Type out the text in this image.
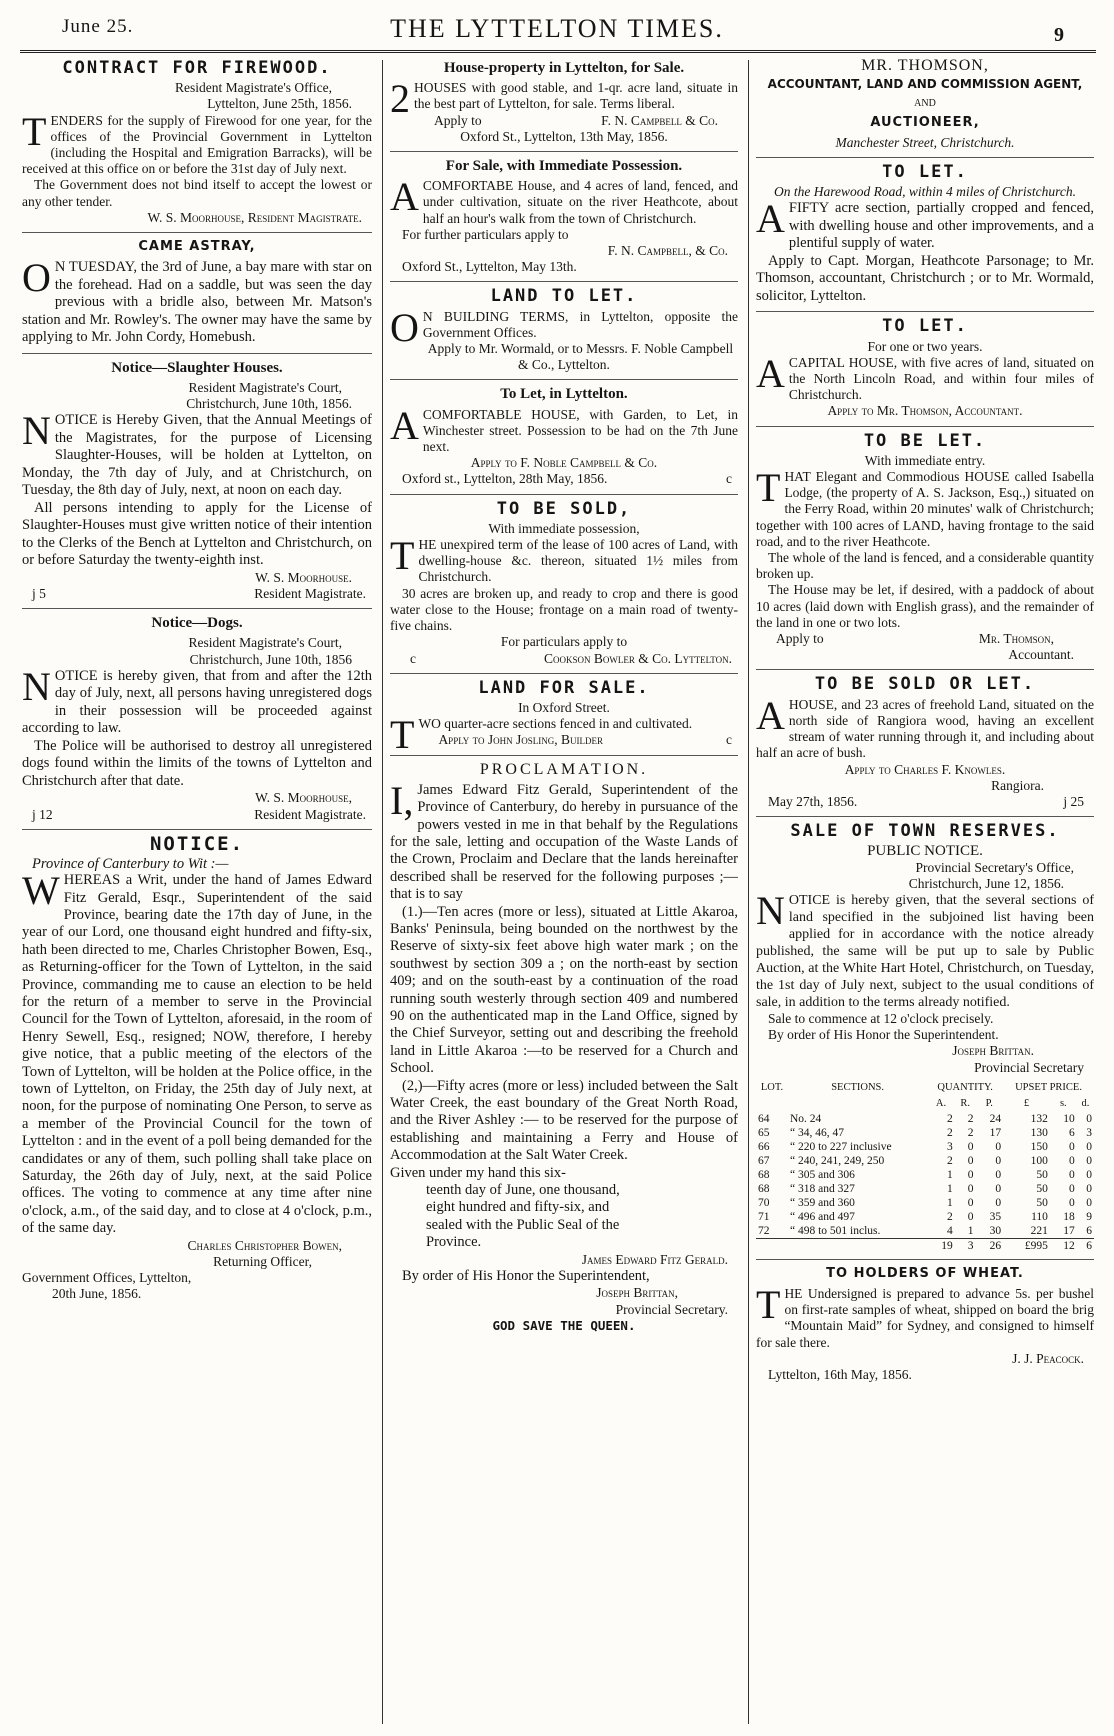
June 25.	THE LYTTELTON TIMES.	9
CONTRACT FOR FIREWOOD.
Resident Magistrate's Office,
Lyttelton, June 25th, 1856.

TENDERS for the supply of Firewood for one year, for the offices of the Provincial Government in Lyttelton (including the Hospital and Emigration Barracks), will be received at this office on or before the 31st day of July next.

The Government does not bind itself to accept the lowest or any other tender.

W. S. Moorhouse, Resident Magistrate.
CAME ASTRAY,

O N TUESDAY, the 3rd of June, a bay mare with star on the forehead. Had on a saddle, but was seen the day previous with a bridle also, between Mr. Matson's station and Mr. Rowley's. The owner may have the same by applying to Mr. John Cordy, Homebush.

Notice—Slaughter Houses.
Resident Magistrate's Court,
Christchurch, June 10th, 1856.

NOTICE is Hereby Given, that the Annual Meetings of the Magistrates, for the purpose of Licensing Slaughter-Houses, will be holden at Lyttelton, on Monday, the 7th day of July, and at Christchurch, on Tuesday, the 8th day of July, next, at noon on each day.

All persons intending to apply for the License of Slaughter-Houses must give written notice of their intention to the Clerks of the Bench at Lyttelton and Christchurch, on or before Saturday the twenty-eighth inst.

W. S. Moorhouse.
j 5	Resident Magistrate.
Notice—Dogs.
Resident Magistrate's Court,
Christchurch, June 10th, 1856

NOTICE is hereby given, that from and after the 12th day of July, next, all persons having unregistered dogs in their possession will be proceeded against according to law.

The Police will be authorised to destroy all unregistered dogs found within the limits of the towns of Lyttelton and Christchurch after that date.

W. S. Moorhouse,
j 12	Resident Magistrate.
NOTICE.
Province of Canterbury to Wit :—

WHEREAS a Writ, under the hand of James Edward Fitz Gerald, Esqr., Superintendent of the said Province, bearing date the 17th day of June, in the year of our Lord, one thousand eight hundred and fifty-six, hath been directed to me, Charles Christopher Bowen, Esq., as Returning-officer for the Town of Lyttelton, in the said Province, commanding me to cause an election to be held for the return of a member to serve in the Provincial Council for the Town of Lyttelton, aforesaid, in the room of Henry Sewell, Esq., resigned; NOW, therefore, I hereby give notice, that a public meeting of the electors of the Town of Lyttelton, will be holden at the Police office, in the town of Lyttelton, on Friday, the 25th day of July next, at noon, for the purpose of nominating One Person, to serve as a member of the Provincial Council for the town of Lyttelton : and in the event of a poll being demanded for the candidates or any of them, such polling shall take place on Saturday, the 26th day of July, next, at the said Police offices. The voting to commence at any time after nine o'clock, a.m., of the said day, and to close at 4 o'clock, p.m., of the same day.

Charles Christopher Bowen,
Returning Officer,
Government Offices, Lyttelton,
20th June, 1856.
House-property in Lyttelton, for Sale.

2 HOUSES with good stable, and 1-qr. acre land, situate in the best part of Lyttelton, for sale. Terms liberal.

Apply to	F. N. Campbell & Co.
Oxford St., Lyttelton, 13th May, 1856.
For Sale, with Immediate Possession.

ACOMFORTABE House, and 4 acres of land, fenced, and under cultivation, situate on the river Heathcote, about half an hour's walk from the town of Christchurch.

For further particulars apply to
F. N. Campbell, & Co.
Oxford St., Lyttelton, May 13th.
LAND TO LET.

O N BUILDING TERMS, in Lyttelton, opposite the Government Offices.

Apply to Mr. Wormald, or to Messrs. F. Noble Campbell & Co., Lyttelton.

To Let, in Lyttelton.

ACOMFORTABLE HOUSE, with Garden, to Let, in Winchester street. Possession to be had on the 7th June next.

Apply to F. Noble Campbell & Co.
Oxford st., Lyttelton, 28th May, 1856.	c
TO BE SOLD,
With immediate possession,

THE unexpired term of the lease of 100 acres of Land, with dwelling-house &c. thereon, situated 1½ miles from Christchurch.

30 acres are broken up, and ready to crop and there is good water close to the House; frontage on a main road of twenty-five chains.

For particulars apply to
c	Cookson Bowler & Co. Lyttelton.
LAND FOR SALE.
In Oxford Street.

TWO quarter-acre sections fenced in and cultivated.

Apply to John Josling, Builder	c
PROCLAMATION.

I, James Edward Fitz Gerald, Superintendent of the Province of Canterbury, do hereby in pursuance of the powers vested in me in that behalf by the Regulations for the sale, letting and occupation of the Waste Lands of the Crown, Proclaim and Declare that the lands hereinafter described shall be reserved for the following purposes ;—that is to say

(1.)—Ten acres (more or less), situated at Little Akaroa, Banks' Peninsula, being bounded on the northwest by the Reserve of sixty-six feet above high water mark ; on the southwest by section 309 a ; on the north-east by section 409; and on the south-east by a continuation of the road running south westerly through section 409 and numbered 90 on the authenticated map in the Land Office, signed by the Chief Surveyor, setting out and describing the freehold land in Little Akaroa :—to be reserved for a Church and School.

(2,)—Fifty acres (more or less) included between the Salt Water Creek, the east boundary of the Great North Road, and the River Ashley :— to be reserved for the purpose of establishing and maintaining a Ferry and House of Accommodation at the Salt Water Creek.

Given under my hand this six-
teenth day of June, one thousand, eight hundred and fifty-six, and sealed with the Public Seal of the Province.
James Edward Fitz Gerald.

By order of His Honor the Superintendent,

Joseph Brittan,
Provincial Secretary.
GOD SAVE THE QUEEN.
MR. THOMSON,
ACCOUNTANT, LAND AND COMMISSION AGENT,
AND
AUCTIONEER,
Manchester Street, Christchurch.
TO LET.
On the Harewood Road, within 4 miles of Christchurch.

AFIFTY acre section, partially cropped and fenced, with dwelling house and other improvements, and a plentiful supply of water.

Apply to Capt. Morgan, Heathcote Parsonage; to Mr. Thomson, accountant, Christchurch ; or to Mr. Wormald, solicitor, Lyttelton.

TO LET.
For one or two years.

ACAPITAL HOUSE, with five acres of land, situated on the North Lincoln Road, and within four miles of Christchurch.

Apply to Mr. Thomson, Accountant.
TO BE LET.
With immediate entry.

THAT Elegant and Commodious HOUSE called Isabella Lodge, (the property of A. S. Jackson, Esq.,) situated on the Ferry Road, within 20 minutes' walk of Christchurch; together with 100 acres of LAND, having frontage to the said road, and to the river Heathcote.

The whole of the land is fenced, and a considerable quantity broken up.

The House may be let, if desired, with a paddock of about 10 acres (laid down with English grass), and the remainder of the land in one or two lots.

Apply to	Mr. Thomson,
Accountant.
TO BE SOLD OR LET.

AHOUSE, and 23 acres of freehold Land, situated on the north side of Rangiora wood, having an excellent stream of water running through it, and including about half an acre of bush.

Apply to Charles F. Knowles.
Rangiora.
May 27th, 1856.	j 25
SALE OF TOWN RESERVES.
PUBLIC NOTICE.
Provincial Secretary's Office,
Christchurch, June 12, 1856.

NOTICE is hereby given, that the several sections of land specified in the subjoined list having been applied for in accordance with the notice already published, the same will be put up to sale by Public Auction, at the White Hart Hotel, Christchurch, on Tuesday, the 1st day of July next, subject to the usual conditions of sale, in addition to the terms already notified.

Sale to commence at 12 o'clock precisely.

By order of His Honor the Superintendent.

Joseph Brittan.
Provincial Secretary
LOT.	SECTIONS.	QUANTITY.			UPSET PRICE.		
		A.	R.	P.	£	s.	d.
64	No. 24	2	2	24	132	10	0
65	“ 34, 46, 47	2	2	17	130	6	3
66	“ 220 to 227 inclusive	3	0	0	150	0	0
67	“ 240, 241, 249, 250	2	0	0	100	0	0
68	“ 305 and 306	1	0	0	50	0	0
68	“ 318 and 327	1	0	0	50	0	0
70	“ 359 and 360	1	0	0	50	0	0
71	“ 496 and 497	2	0	35	110	18	9
72	“ 498 to 501 inclus.	4	1	30	221	17	6
		19	3	26	£995	12	6
TO HOLDERS OF WHEAT.

THE Undersigned is prepared to advance 5s. per bushel on first-rate samples of wheat, shipped on board the brig “Mountain Maid” for Sydney, and consigned to himself for sale there.

J. J. Peacock.
Lyttelton, 16th May, 1856.
